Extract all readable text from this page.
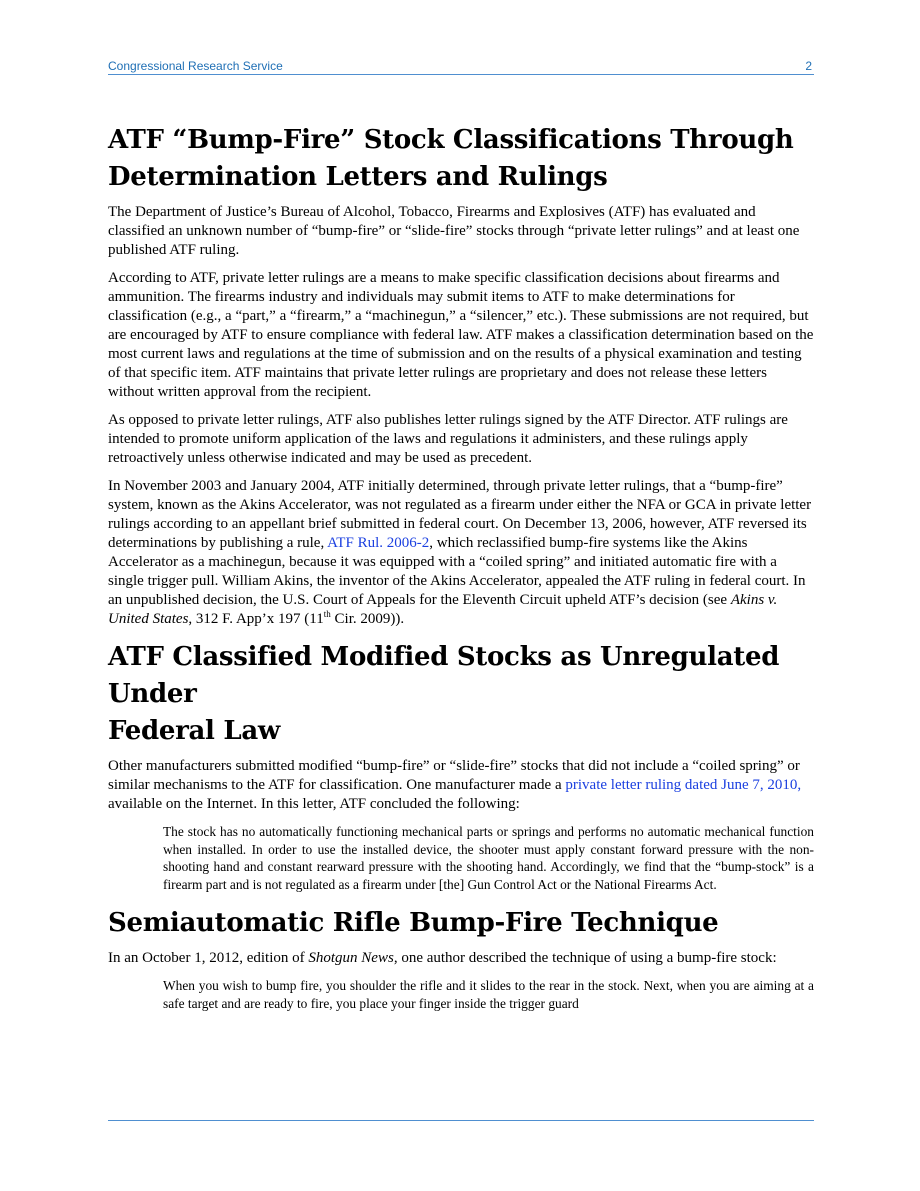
Congressional Research Service	2
ATF “Bump-Fire” Stock Classifications Through
Determination Letters and Rulings

The Department of Justice’s Bureau of Alcohol, Tobacco, Firearms and Explosives (ATF) has evaluated and classified an unknown number of “bump-fire” or “slide-fire” stocks through “private letter rulings” and at least one published ATF ruling.

According to ATF, private letter rulings are a means to make specific classification decisions about firearms and ammunition. The firearms industry and individuals may submit items to ATF to make determinations for classification (e.g., a “part,” a “firearm,” a “machinegun,” a “silencer,” etc.). These submissions are not required, but are encouraged by ATF to ensure compliance with federal law. ATF makes a classification determination based on the most current laws and regulations at the time of submission and on the results of a physical examination and testing of that specific item. ATF maintains that private letter rulings are proprietary and does not release these letters without written approval from the recipient.

As opposed to private letter rulings, ATF also publishes letter rulings signed by the ATF Director. ATF rulings are intended to promote uniform application of the laws and regulations it administers, and these rulings apply retroactively unless otherwise indicated and may be used as precedent.

In November 2003 and January 2004, ATF initially determined, through private letter rulings, that a “bump-fire” system, known as the Akins Accelerator, was not regulated as a firearm under either the NFA or GCA in private letter rulings according to an appellant brief submitted in federal court. On December 13, 2006, however, ATF reversed its determinations by publishing a rule, ATF Rul. 2006-2, which reclassified bump-fire systems like the Akins Accelerator as a machinegun, because it was equipped with a “coiled spring” and initiated automatic fire with a single trigger pull. William Akins, the inventor of the Akins Accelerator, appealed the ATF ruling in federal court. In an unpublished decision, the U.S. Court of Appeals for the Eleventh Circuit upheld ATF’s decision (see Akins v. United States, 312 F. App’x 197 (11th Cir. 2009)).

ATF Classified Modified Stocks as Unregulated Under
Federal Law

Other manufacturers submitted modified “bump-fire” or “slide-fire” stocks that did not include a “coiled spring” or similar mechanisms to the ATF for classification. One manufacturer made a private letter ruling dated June 7, 2010, available on the Internet. In this letter, ATF concluded the following:

The stock has no automatically functioning mechanical parts or springs and performs no automatic mechanical function when installed. In order to use the installed device, the shooter must apply constant forward pressure with the non-shooting hand and constant rearward pressure with the shooting hand. Accordingly, we find that the “bump-stock” is a firearm part and is not regulated as a firearm under [the] Gun Control Act or the National Firearms Act.

Semiautomatic Rifle Bump-Fire Technique

In an October 1, 2012, edition of Shotgun News, one author described the technique of using a bump-fire stock:

When you wish to bump fire, you shoulder the rifle and it slides to the rear in the stock. Next, when you are aiming at a safe target and are ready to fire, you place your finger inside the trigger guard
